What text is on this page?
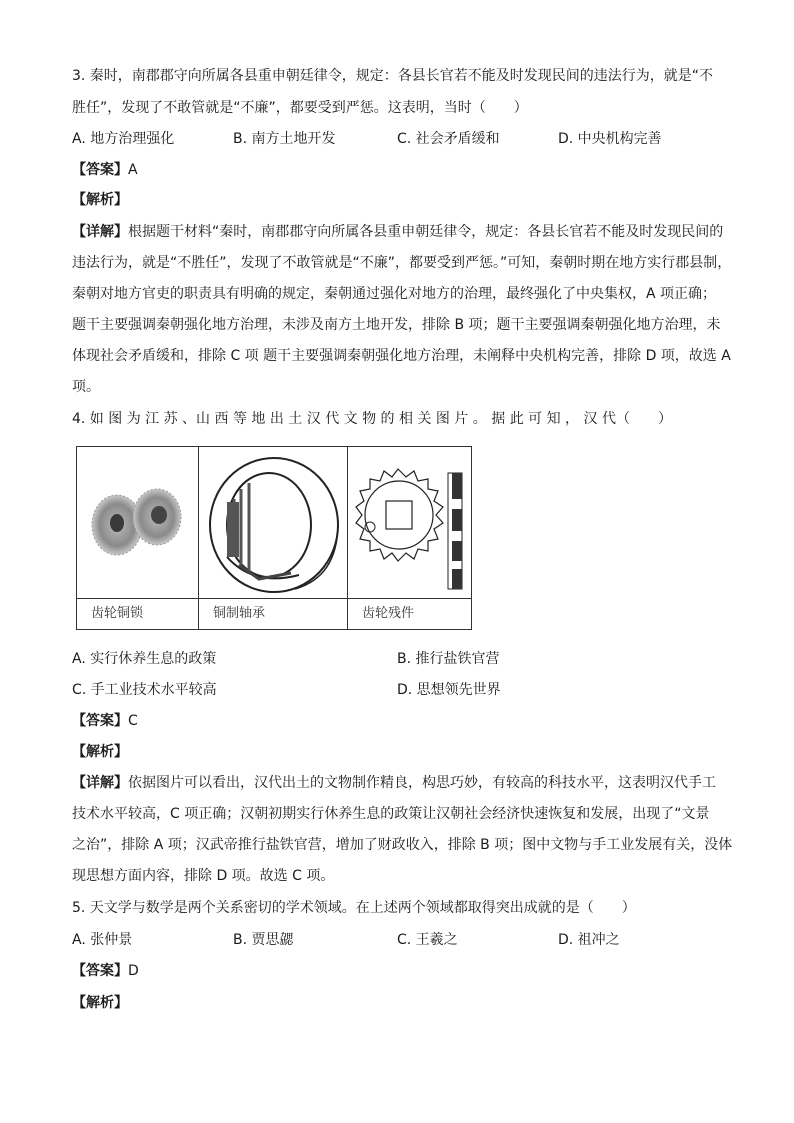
3. 秦时，南郡郡守向所属各县重申朝廷律令，规定：各县长官若不能及时发现民间的违法行为，就是“不
胜任”，发现了不敢管就是“不廉”，都要受到严惩。这表明，当时（　　）
A. 地方治理强化	B. 南方土地开发	C. 社会矛盾缓和	D. 中央机构完善
【答案】A
【解析】
【详解】根据题干材料“秦时，南郡郡守向所属各县重申朝廷律令，规定：各县长官若不能及时发现民间的
违法行为，就是“不胜任”，发现了不敢管就是“不廉”，都要受到严惩。”可知，秦朝时期在地方实行郡县制，
秦朝对地方官吏的职责具有明确的规定，秦朝通过强化对地方的治理，最终强化了中央集权，A 项正确；
题干主要强调秦朝强化地方治理，未涉及南方土地开发，排除 B 项；题干主要强调秦朝强化地方治理，未
体现社会矛盾缓和，排除 C 项 题干主要强调秦朝强化地方治理，未阐释中央机构完善，排除 D 项，故选 A
项。
4. 如 图 为 江 苏 、山 西 等 地 出 土 汉 代 文 物 的 相 关 图 片 。 据 此 可 知 ， 汉 代（　　）
齿轮铜锁	铜制轴承	齿轮残件
A. 实行休养生息的政策	B. 推行盐铁官营
C. 手工业技术水平较高	D. 思想领先世界
【答案】C
【解析】
【详解】依据图片可以看出，汉代出土的文物制作精良，构思巧妙，有较高的科技水平，这表明汉代手工
技术水平较高，C 项正确；汉朝初期实行休养生息的政策让汉朝社会经济快速恢复和发展，出现了“文景
之治”，排除 A 项；汉武帝推行盐铁官营，增加了财政收入，排除 B 项；图中文物与手工业发展有关，没体
现思想方面内容，排除 D 项。故选 C 项。
5. 天文学与数学是两个关系密切的学术领域。在上述两个领域都取得突出成就的是（　　）
A. 张仲景	B. 贾思勰	C. 王羲之	D. 祖冲之
【答案】D
【解析】
